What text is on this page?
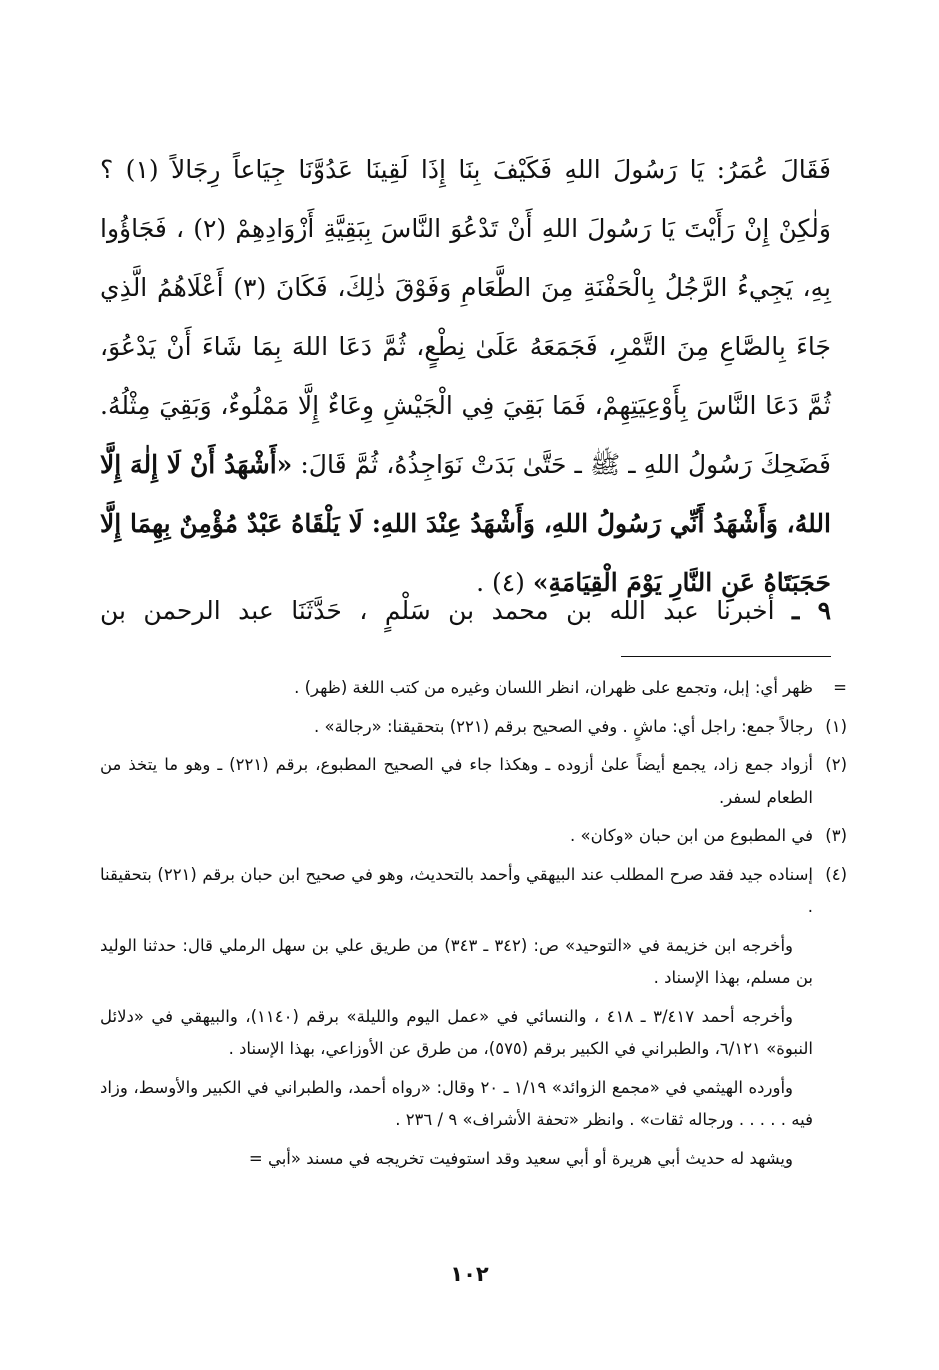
فَقَالَ عُمَرُ: يَا رَسُولَ اللهِ فَكَيْفَ بِنَا إِذَا لَقِينَا عَدُوَّنَا جِيَاعاً رِجَالاً (١) ؟ وَلٰكِنْ إِنْ رَأَيْتَ يَا رَسُولَ اللهِ أَنْ تَدْعُوَ النَّاسَ بِبَقِيَّةِ أَزْوَادِهِمْ (٢) ، فَجَاؤُوا بِهِ، يَجِيءُ الرَّجُلُ بِالْحَفْنَةِ مِنَ الطَّعَامِ وَفَوْقَ ذٰلِكَ، فَكَانَ (٣) أَعْلَاهُمُ الَّذِي جَاءَ بِالصَّاعِ مِنَ التَّمْرِ، فَجَمَعَهُ عَلَىٰ نِطْعٍ، ثُمَّ دَعَا اللهَ بِمَا شَاءَ أَنْ يَدْعُوَ، ثُمَّ دَعَا النَّاسَ بِأَوْعِيَتِهِمْ، فَمَا بَقِيَ فِي الْجَيْشِ وِعَاءٌ إِلَّا مَمْلُوءٌ، وَبَقِيَ مِثْلُهُ. فَضَحِكَ رَسُولُ اللهِ ـ ﷺ ـ حَتَّىٰ بَدَتْ نَوَاجِذُهُ، ثُمَّ قَالَ: «أَشْهَدُ أَنْ لَا إِلٰهَ إِلَّا اللهُ، وَأَشْهَدُ أَنِّي رَسُولُ اللهِ، وَأَشْهَدُ عِنْدَ اللهِ: لَا يَلْقَاهُ عَبْدٌ مُؤْمِنٌ بِهِمَا إِلَّا حَجَبَتَاهُ عَنِ النَّارِ يَوْمَ الْقِيَامَةِ» (٤) .
٩ ـ أخبرنا عبد الله بن محمد بن سَلْمٍ ، حَدَّثَنَا عبد الرحمن بن
=
ظهر أي: إبل، وتجمع على ظهران، انظر اللسان وغيره من كتب اللغة (ظهر) .
(١)
رجالاً جمع: راجل أي: ماشٍ . وفي الصحيح برقم (٢٢١) بتحقيقنا: «رجالة» .
(٢)
أزواد جمع زاد، يجمع أيضاً علىٰ أزوده ـ وهكذا جاء في الصحيح المطبوع، برقم (٢٢١) ـ وهو ما يتخذ من الطعام لسفر.
(٣)
في المطبوع من ابن حبان «وكان» .
(٤)
إسناده جيد فقد صرح المطلب عند البيهقي وأحمد بالتحديث، وهو في صحيح ابن حبان برقم (٢٢١) بتحقيقنا .
وأخرجه ابن خزيمة في «التوحيد» ص: (٣٤٢ ـ ٣٤٣) من طريق علي بن سهل الرملي قال: حدثنا الوليد بن مسلم، بهذا الإسناد .
وأخرجه أحمد ٣/٤١٧ ـ ٤١٨ ، والنسائي في «عمل اليوم والليلة» برقم (١١٤٠)، والبيهقي في «دلائل النبوة» ٦/١٢١، والطبراني في الكبير برقم (٥٧٥)، من طرق عن الأوزاعي، بهذا الإسناد .
وأورده الهيثمي في «مجمع الزوائد» ١/١٩ ـ ٢٠ وقال: «رواه أحمد، والطبراني في الكبير والأوسط، وزاد فيه . . . . . ورجاله ثقات» . وانظر «تحفة الأشراف» ٩ / ٢٣٦ .
ويشهد له حديث أبي هريرة أو أبي سعيد وقد استوفيت تخريجه في مسند «أبي =
١٠٢
